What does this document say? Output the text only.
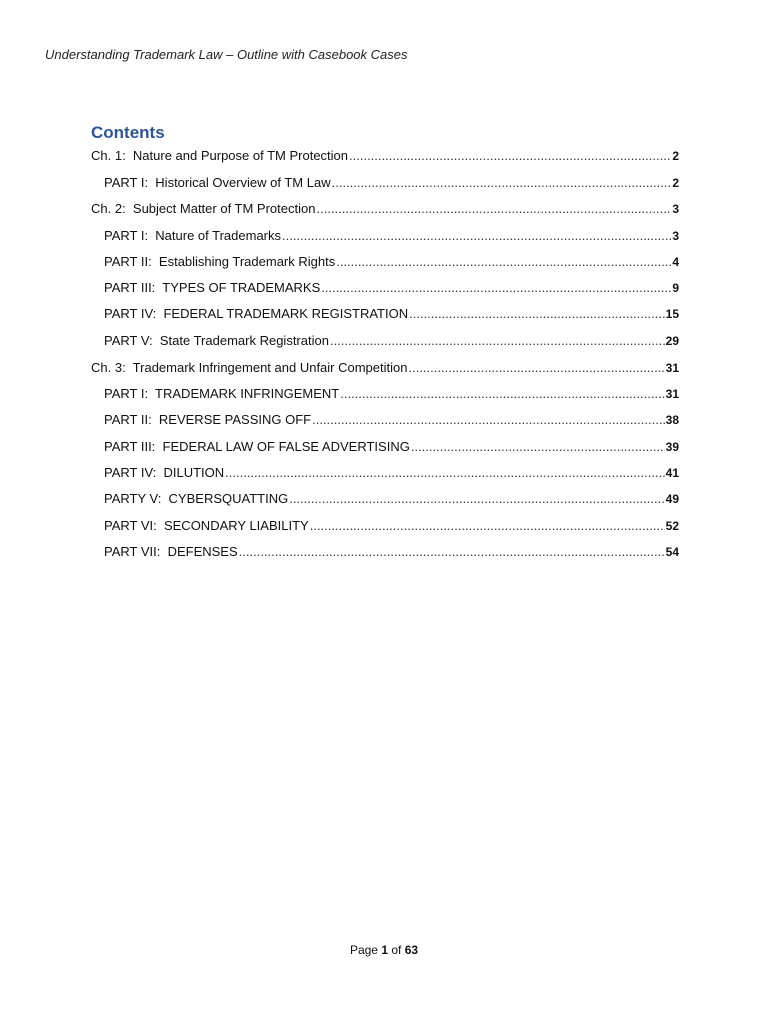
Understanding Trademark Law – Outline with Casebook Cases
Contents
Ch. 1:  Nature and Purpose of TM Protection .....	2
PART I:  Historical Overview of TM Law .....	2
Ch. 2:  Subject Matter of TM Protection .....	3
PART I:  Nature of Trademarks .....	3
PART II:  Establishing Trademark Rights .....	4
PART III:  TYPES OF TRADEMARKS .....	9
PART IV:  FEDERAL TRADEMARK REGISTRATION .....	15
PART V:  State Trademark Registration .....	29
Ch. 3:  Trademark Infringement and Unfair Competition .....	31
PART I:  TRADEMARK INFRINGEMENT .....	31
PART II:  REVERSE PASSING OFF .....	38
PART III:  FEDERAL LAW OF FALSE ADVERTISING .....	39
PART IV:  DILUTION .....	41
PARTY V:  CYBERSQUATTING .....	49
PART VI:  SECONDARY LIABILITY .....	52
PART VII:  DEFENSES .....	54
Page 1 of 63
